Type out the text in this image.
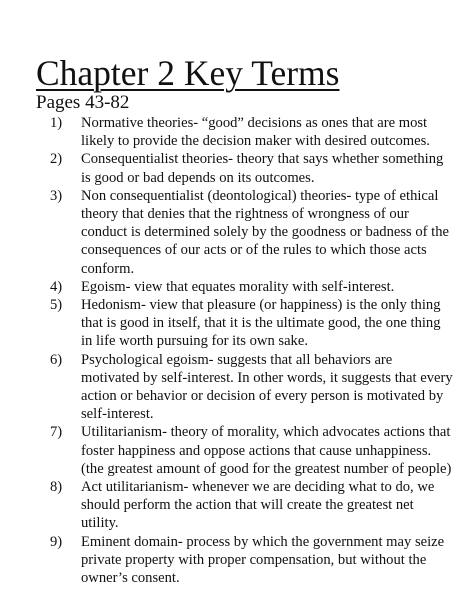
Chapter 2 Key Terms
Pages 43-82
1) Normative theories- “good” decisions as ones that are most likely to provide the decision maker with desired outcomes.
2) Consequentialist theories- theory that says whether something is good or bad depends on its outcomes.
3) Non consequentialist (deontological) theories- type of ethical theory that denies that the rightness of wrongness of our conduct is determined solely by the goodness or badness of the consequences of our acts or of the rules to which those acts conform.
4) Egoism- view that equates morality with self-interest.
5) Hedonism- view that pleasure (or happiness) is the only thing that is good in itself, that it is the ultimate good, the one thing in life worth pursuing for its own sake.
6) Psychological egoism- suggests that all behaviors are motivated by self-interest. In other words, it suggests that every action or behavior or decision of every person is motivated by self-interest.
7) Utilitarianism- theory of morality, which advocates actions that foster happiness and oppose actions that cause unhappiness. (the greatest amount of good for the greatest number of people)
8) Act utilitarianism- whenever we are deciding what to do, we should perform the action that will create the greatest net utility.
9) Eminent domain- process by which the government may seize private property with proper compensation, but without the owner’s consent.
